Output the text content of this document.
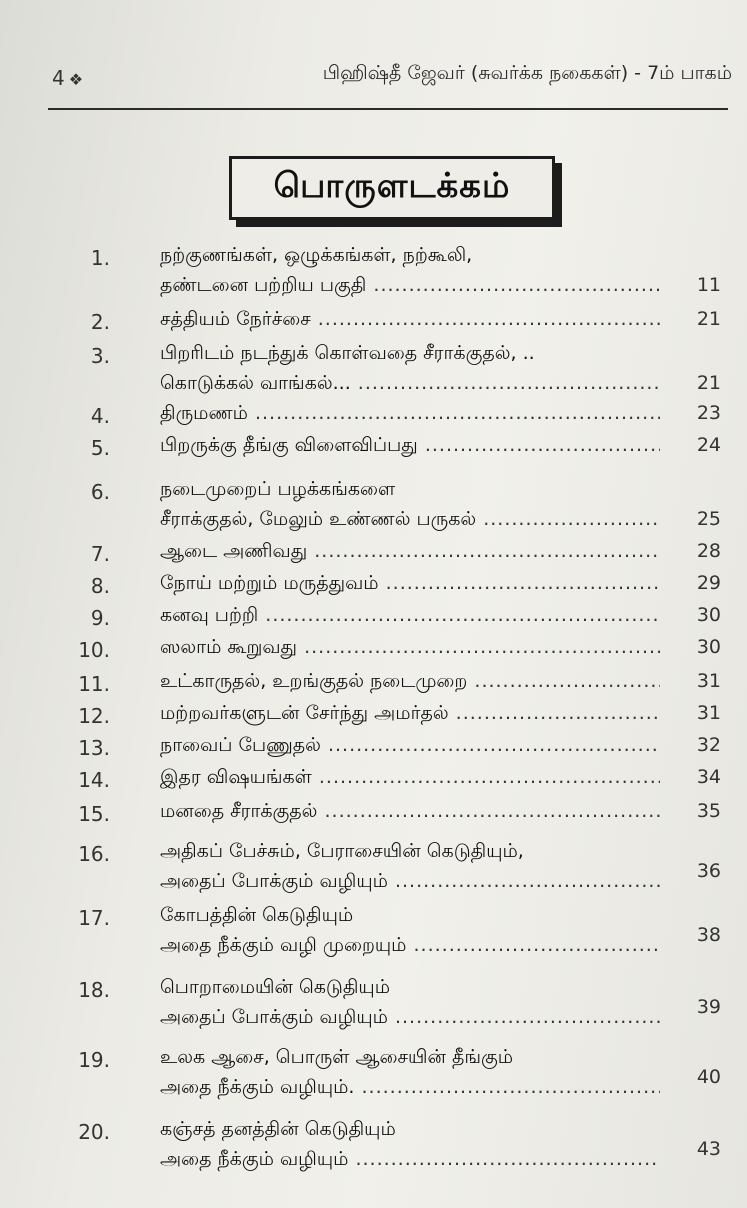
4 ❖	பிஹிஷ்தீ ஜேவர் (சுவர்க்க நகைகள்) - 7ம் பாகம்
பொருளடக்கம்
1.	நற்குணங்கள், ஒழுக்கங்கள், நற்கூலி,
தண்டனை பற்றிய பகுதி .....	11
2.	சத்தியம் நேர்ச்சை .....	21
3.	பிறரிடம் நடந்துக் கொள்வதை சீராக்குதல், ..
கொடுக்கல் வாங்கல்... .....	21
4.	திருமணம் .....	23
5.	பிறருக்கு தீங்கு விளைவிப்பது .....	24
6.	நடைமுறைப் பழக்கங்களை
சீராக்குதல், மேலும் உண்ணல் பருகல் .....	25
7.	ஆடை அணிவது .....	28
8.	நோய் மற்றும் மருத்துவம் .....	29
9.	கனவு பற்றி .....	30
10.	ஸலாம் கூறுவது .....	30
11.	உட்காருதல், உறங்குதல் நடைமுறை .....	31
12.	மற்றவர்களுடன் சேர்ந்து அமர்தல் .....	31
13.	நாவைப் பேணுதல் .....	32
14.	இதர விஷயங்கள் .....	34
15.	மனதை சீராக்குதல் .....	35
16.	அதிகப் பேச்சும், பேராசையின் கெடுதியும்,
அதைப் போக்கும் வழியும் .....	36
17.	கோபத்தின் கெடுதியும்
அதை நீக்கும் வழி முறையும் .....	38
18.	பொறாமையின் கெடுதியும்
அதைப் போக்கும் வழியும் .....	39
19.	உலக ஆசை, பொருள் ஆசையின் தீங்கும்
அதை நீக்கும் வழியும். .....	40
20.	கஞ்சத் தனத்தின் கெடுதியும்
அதை நீக்கும் வழியும் .....	43
